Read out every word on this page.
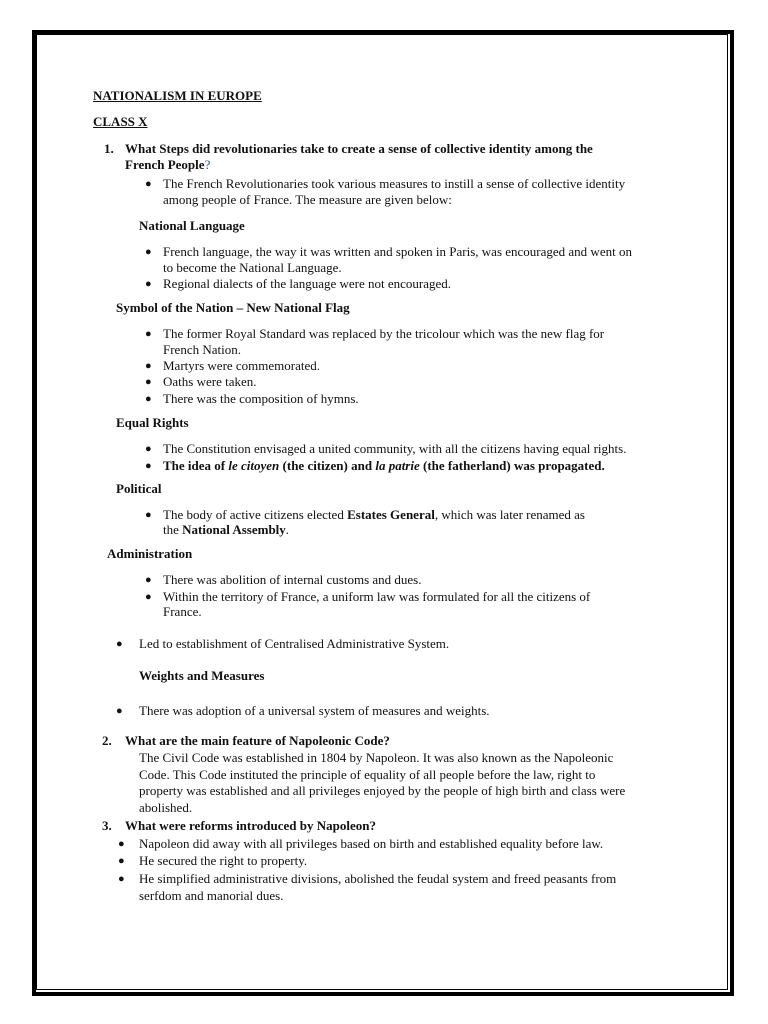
NATIONALISM IN EUROPE
CLASS X
1. What Steps did revolutionaries take to create a sense of collective identity among the
French People?
● The French Revolutionaries took various measures to instill a sense of collective identity
among people of France. The measure are given below:
National Language
● French language, the way it was written and spoken in Paris, was encouraged and went on
to become the National Language.
● Regional dialects of the language were not encouraged.
Symbol of the Nation – New National Flag
● The former Royal Standard was replaced by the tricolour which was the new flag for
French Nation.
● Martyrs were commemorated.
● Oaths were taken.
● There was the composition of hymns.
Equal Rights
● The Constitution envisaged a united community, with all the citizens having equal rights.
● The idea of le citoyen (the citizen) and la patrie (the fatherland) was propagated.
Political
● The body of active citizens elected Estates General, which was later renamed as
the National Assembly.
Administration
● There was abolition of internal customs and dues.
● Within the territory of France, a uniform law was formulated for all the citizens of
France.
● Led to establishment of Centralised Administrative System.
Weights and Measures
● There was adoption of a universal system of measures and weights.
2. What are the main feature of Napoleonic Code?
The Civil Code was established in 1804 by Napoleon. It was also known as the Napoleonic
Code. This Code instituted the principle of equality of all people before the law, right to
property was established and all privileges enjoyed by the people of high birth and class were
abolished.
3. What were reforms introduced by Napoleon?
● Napoleon did away with all privileges based on birth and established equality before law.
● He secured the right to property.
● He simplified administrative divisions, abolished the feudal system and freed peasants from
serfdom and manorial dues.
